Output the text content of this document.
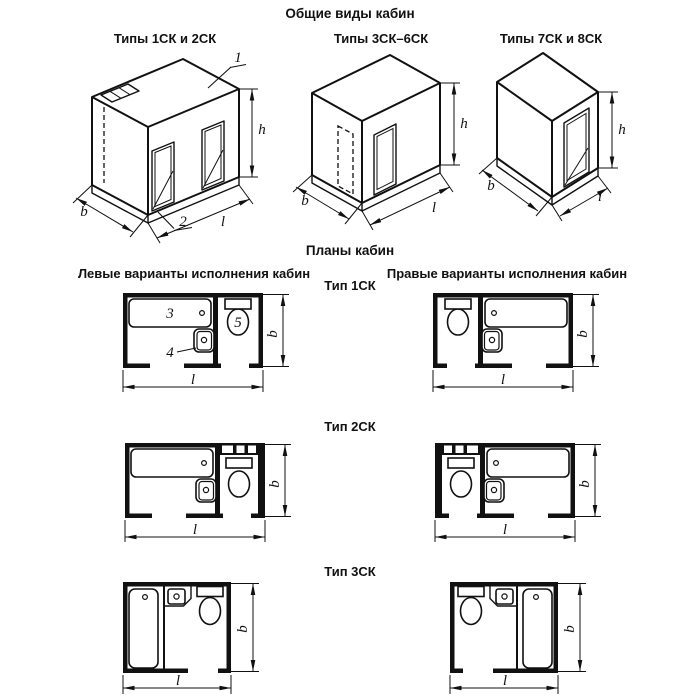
Общие виды кабин
Типы 1СК и 2СК	Типы 3СК–6СК	Типы 7СК и 8СК
h
b
l
1
2
h
b	l
h
b
l
Планы кабин
Левые варианты исполнения кабин	Правые варианты исполнения кабин
Тип 1СК
3
4
5
b
l
b
l
Тип 2СК
b
l
b
l
Тип 3СК
b
l
b
l
